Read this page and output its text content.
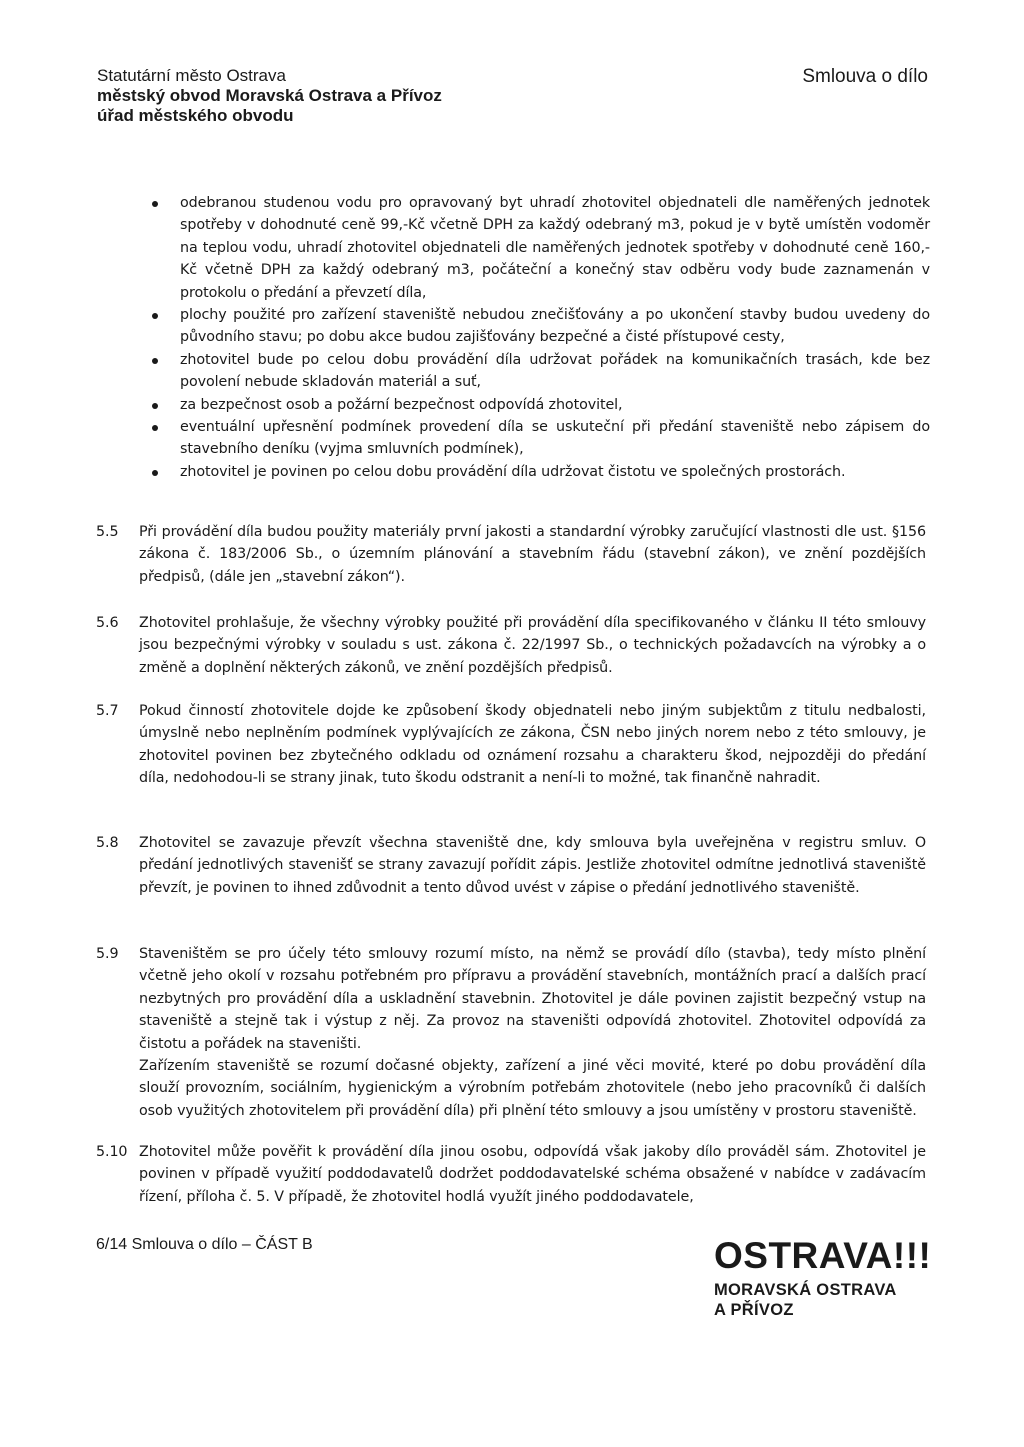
Statutární město Ostrava
městský obvod Moravská Ostrava a Přívoz
úřad městského obvodu
Smlouva o dílo
odebranou studenou vodu pro opravovaný byt uhradí zhotovitel objednateli dle naměřených jednotek spotřeby v dohodnuté ceně 99,-Kč včetně DPH za každý odebraný m3, pokud je v bytě umístěn vodoměr na teplou vodu, uhradí zhotovitel objednateli dle naměřených jednotek spotřeby v dohodnuté ceně 160,-Kč včetně DPH za každý odebraný m3, počáteční a konečný stav odběru vody bude zaznamenán v protokolu o předání a převzetí díla,
plochy použité pro zařízení staveniště nebudou znečišťovány a po ukončení stavby budou uvedeny do původního stavu; po dobu akce budou zajišťovány bezpečné a čisté přístupové cesty,
zhotovitel bude po celou dobu provádění díla udržovat pořádek na komunikačních trasách, kde bez povolení nebude skladován materiál a suť,
za bezpečnost osob a požární bezpečnost odpovídá zhotovitel,
eventuální upřesnění podmínek provedení díla se uskuteční při předání staveniště nebo zápisem do stavebního deníku (vyjma smluvních podmínek),
zhotovitel je povinen po celou dobu provádění díla udržovat čistotu ve společných prostorách.
5.5	Při provádění díla budou použity materiály první jakosti a standardní výrobky zaručující vlastnosti dle ust. §156 zákona č. 183/2006 Sb., o územním plánování a stavebním řádu (stavební zákon), ve znění pozdějších předpisů, (dále jen „stavební zákon“).

5.6	Zhotovitel prohlašuje, že všechny výrobky použité při provádění díla specifikovaného v článku II této smlouvy jsou bezpečnými výrobky v souladu s ust. zákona č. 22/1997 Sb., o technických požadavcích na výrobky a o změně a doplnění některých zákonů, ve znění pozdějších předpisů.

5.7	Pokud činností zhotovitele dojde ke způsobení škody objednateli nebo jiným subjektům z titulu nedbalosti, úmyslně nebo neplněním podmínek vyplývajících ze zákona, ČSN nebo jiných norem nebo z této smlouvy, je zhotovitel povinen bez zbytečného odkladu od oznámení rozsahu a charakteru škod, nejpozději do předání díla, nedohodou-li se strany jinak, tuto škodu odstranit a není-li to možné, tak finančně nahradit.

5.8	Zhotovitel se zavazuje převzít všechna staveniště dne, kdy smlouva byla uveřejněna v registru smluv. O předání jednotlivých stavenišť se strany zavazují pořídit zápis. Jestliže zhotovitel odmítne jednotlivá staveniště převzít, je povinen to ihned zdůvodnit a tento důvod uvést v zápise o předání jednotlivého staveniště.

5.9	Staveništěm se pro účely této smlouvy rozumí místo, na němž se provádí dílo (stavba), tedy místo plnění včetně jeho okolí v rozsahu potřebném pro přípravu a provádění stavebních, montážních prací a dalších prací nezbytných pro provádění díla a uskladnění stavebnin. Zhotovitel je dále povinen zajistit bezpečný vstup na staveniště a stejně tak i výstup z něj. Za provoz na staveništi odpovídá zhotovitel. Zhotovitel odpovídá za čistotu a pořádek na staveništi.

Zařízením staveniště se rozumí dočasné objekty, zařízení a jiné věci movité, které po dobu provádění díla slouží provozním, sociálním, hygienickým a výrobním potřebám zhotovitele (nebo jeho pracovníků či dalších osob využitých zhotovitelem při provádění díla) při plnění této smlouvy a jsou umístěny v prostoru staveniště.

5.10 Zhotovitel může pověřit k provádění díla jinou osobu, odpovídá však jakoby dílo prováděl sám. Zhotovitel je povinen v případě využití poddodavatelů dodržet poddodavatelské schéma obsažené v nabídce v zadávacím řízení, příloha č. 5. V případě, že zhotovitel hodlá využít jiného poddodavatele,

6/14 Smlouva o dílo – ČÁST B	OSTRAVA!!!
MORAVSKÁ OSTRAVA
A PŘÍVOZ
